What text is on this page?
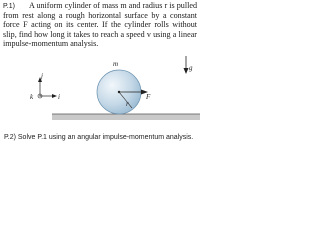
P.1) A uniform cylinder of mass m and radius r is pulled from rest along a rough horizontal surface by a constant force F acting on its center. If the cylinder rolls without slip, find how long it takes to reach a speed v using a linear impulse-momentum analysis.
m
r
F
j
i
k
g
P.2) Solve P.1 using an angular impulse-momentum analysis.
